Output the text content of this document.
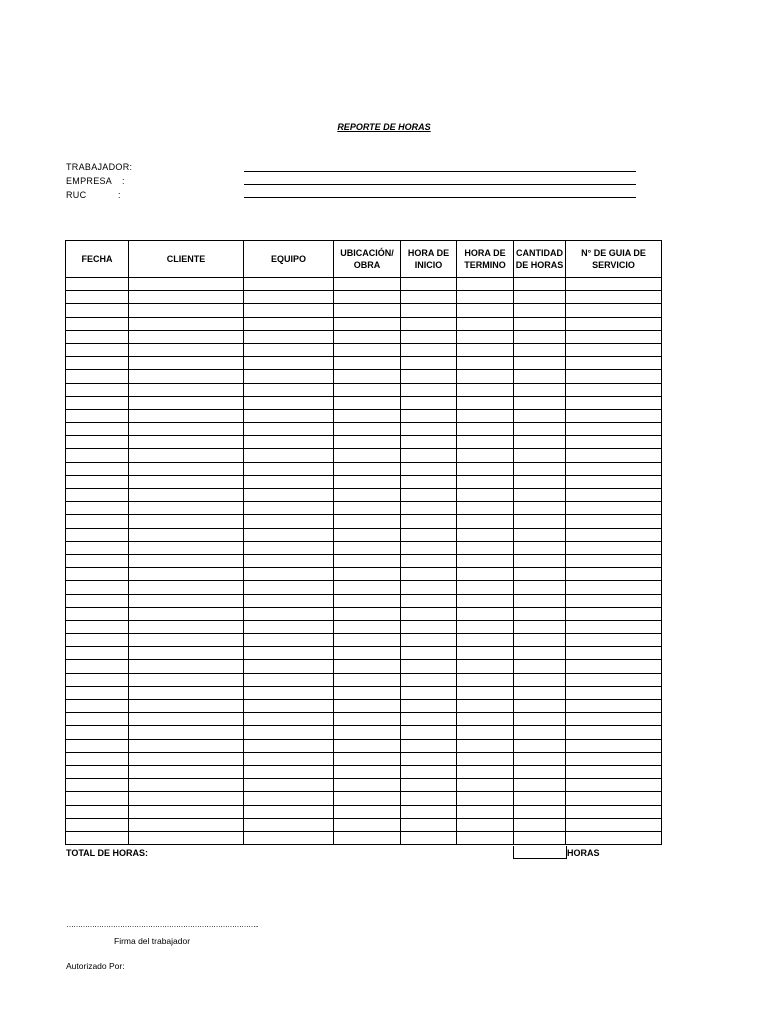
REPORTE DE HORAS
TRABAJADOR:
EMPRESA :
RUC	:
FECHA	CLIENTE	EQUIPO	UBICACIÓN/ OBRA	HORA DE INICIO	HORA DE TERMINO	CANTIDAD DE HORAS	N° DE GUIA DE SERVICIO

TOTAL DE HORAS:	HORAS
………………………………………………………………………..
Firma del trabajador
Autorizado Por:
